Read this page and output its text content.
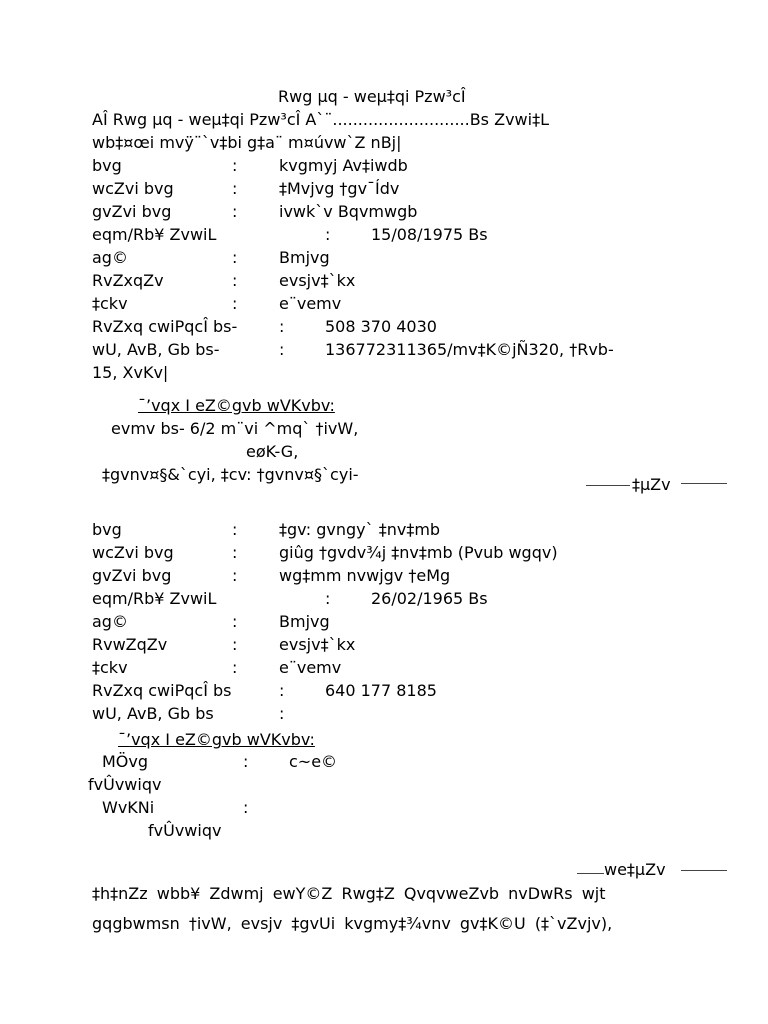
Rwg µq - weµ‡qi Pzw³cÎ
AÎ Rwg µq - weµ‡qi Pzw³cÎ A`¨...........................Bs Zvwi‡L
wb‡¤œi mvÿ¨`v‡bi g‡a¨ m¤úvw`Z nBj|
bvg	:	kvgmyj Av‡iwdb
wcZvi bvg	:	‡Mvjvg †gv¯Ídv
gvZvi bvg	:	ivwk`v Bqvmwgb
eqm/Rb¥ ZvwiL	:	15/08/1975 Bs
ag©	:	Bmjvg
RvZxqZv	:	evsjv‡`kx
‡ckv	:	e¨vemv
RvZxq cwiPqcÎ bs-	:	508 370 4030
wU, AvB, Gb bs-	:	136772311365/mv‡K©jÑ320, †Rvb-
15, XvKv|
¯’vqx I eZ©gvb wVKvbv:
evmv bs- 6/2 m¨vi ^mq` †ivW,
eøK-G,
‡gvnv¤§&`cyi, ‡cv: †gvnv¤§`cyi-
‡µZv
bvg	:	‡gv: gvngy` ‡nv‡mb
wcZvi bvg	:	giûg †gvdv¾j ‡nv‡mb (Pvub wgqv)
gvZvi bvg	:	wg‡mm nvwjgv †eMg
eqm/Rb¥ ZvwiL	:	26/02/1965 Bs
ag©	:	Bmjvg
RvwZqZv	:	evsjv‡`kx
‡ckv	:	e¨vemv
RvZxq cwiPqcÎ bs	:	640 177 8185
wU, AvB, Gb bs	:
¯’vqx I eZ©gvb wVKvbv:
MÖvg	:	c~e©
fvÛvwiqv
WvKNi	:
fvÛvwiqv
we‡µZv
‡h‡nZz wbb¥ Zdwmj ewY©Z Rwg‡Z QvqvweZvb nvDwRs wjt
gqgbwmsn †ivW, evsjv ‡gvUi kvgmy‡¾vnv gv‡K©U (‡`vZvjv),
